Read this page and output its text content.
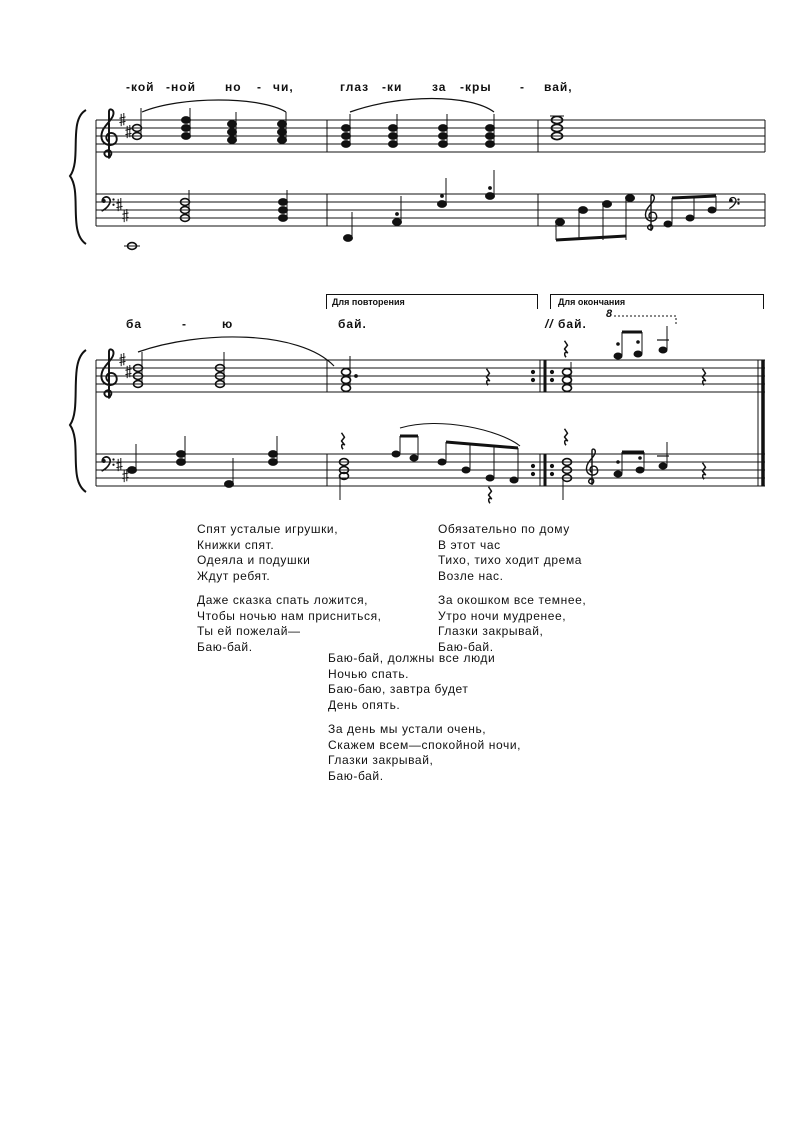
-кой -ной но - чи,	глаз -ки за -кры - вай,
ба	-	ю	бай.	// бай.
Для повторения	Для окончания
8
Спят усталые игрушки,
Книжки спят.
Одеяла и подушки
Ждут ребят.
Даже сказка спать ложится,
Чтобы ночью нам присниться,
Ты ей пожелай—
Баю-бай.
Обязательно по дому
В этот час
Тихо, тихо ходит дрема
Возле нас.
За окошком все темнее,
Утро ночи мудренее,
Глазки закрывай,
Баю-бай.
Баю-бай, должны все люди
Ночью спать.
Баю-баю, завтра будет
День опять.
За день мы устали очень,
Скажем всем—спокойной ночи,
Глазки закрывай,
Баю-бай.
